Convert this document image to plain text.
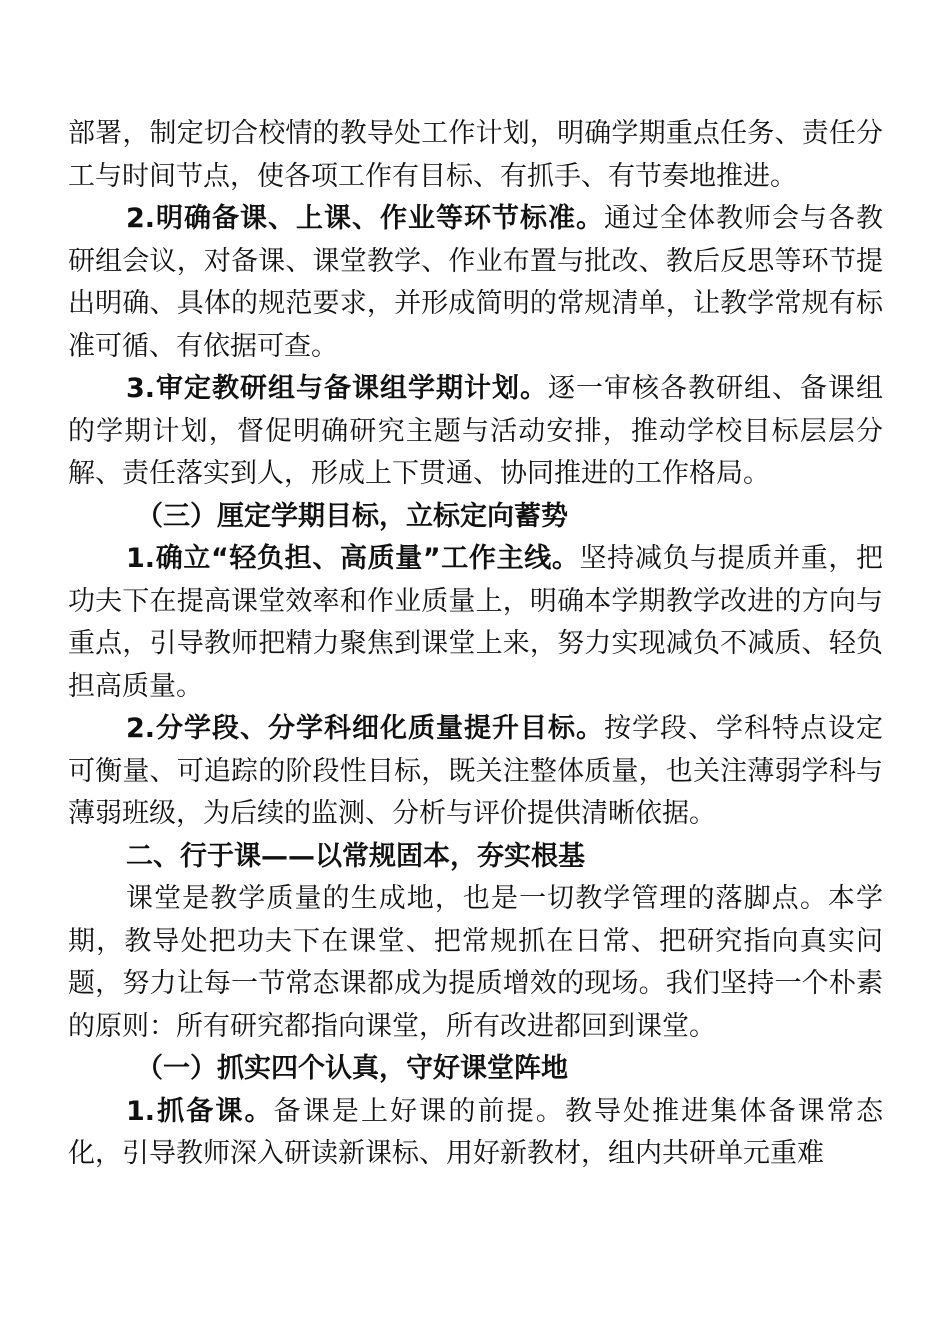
部署，制定切合校情的教导处工作计划，明确学期重点任务、责任分工与时间节点，使各项工作有目标、有抓手、有节奏地推进。

2.明确备课、上课、作业等环节标准。通过全体教师会与各教研组会议，对备课、课堂教学、作业布置与批改、教后反思等环节提出明确、具体的规范要求，并形成简明的常规清单，让教学常规有标准可循、有依据可查。

3.审定教研组与备课组学期计划。逐一审核各教研组、备课组的学期计划，督促明确研究主题与活动安排，推动学校目标层层分解、责任落实到人，形成上下贯通、协同推进的工作格局。

（三）厘定学期目标，立标定向蓄势

1.确立“轻负担、高质量”工作主线。坚持减负与提质并重，把功夫下在提高课堂效率和作业质量上，明确本学期教学改进的方向与重点，引导教师把精力聚焦到课堂上来，努力实现减负不减质、轻负担高质量。

2.分学段、分学科细化质量提升目标。按学段、学科特点设定可衡量、可追踪的阶段性目标，既关注整体质量，也关注薄弱学科与薄弱班级，为后续的监测、分析与评价提供清晰依据。

二、行于课——以常规固本，夯实根基

课堂是教学质量的生成地，也是一切教学管理的落脚点。本学期，教导处把功夫下在课堂、把常规抓在日常、把研究指向真实问题，努力让每一节常态课都成为提质增效的现场。我们坚持一个朴素的原则：所有研究都指向课堂，所有改进都回到课堂。

（一）抓实四个认真，守好课堂阵地

1.抓备课。备课是上好课的前提。教导处推进集体备课常态化，引导教师深入研读新课标、用好新教材，组内共研单元重难
